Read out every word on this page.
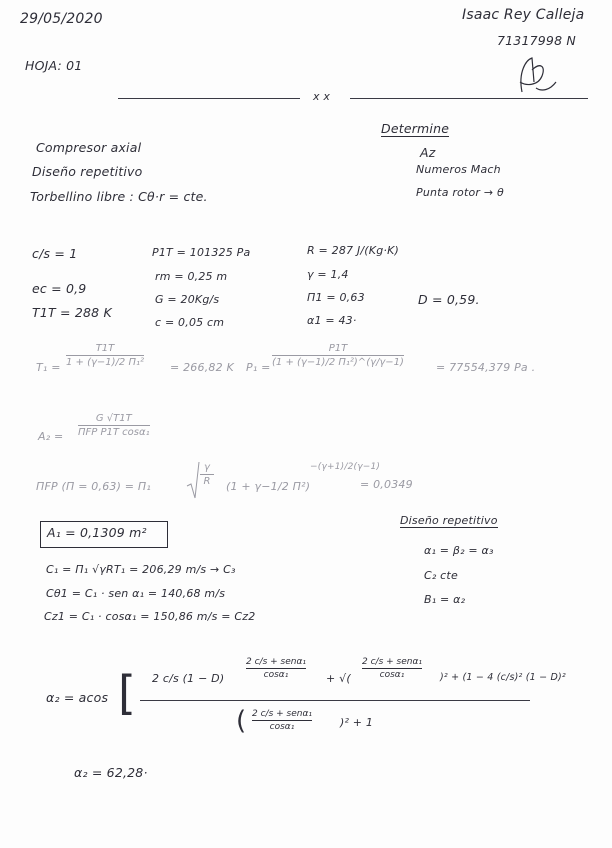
29/05/2020
HOJA: 01
Isaac Rey Calleja
71317998 N
x x
Compresor axial
Diseño repetitivo
Torbellino libre : Cθ·r = cte.
Determine
Az
Numeros Mach
Punta rotor → θ
c/s = 1
ec = 0,9
T1T = 288 K
P1T = 101325 Pa
rm = 0,25 m
G = 20Kg/s
c = 0,05 cm
R = 287 J/(Kg·K)
γ = 1,4
Π1 = 0,63
α1 = 43·
D = 0,59.
T₁ =
T1T
1 + (γ−1)/2 Π₁² = 266,82 K P₁ =
P1T
(1 + (γ−1)/2 Π₁²)^(γ/γ−1)	= 77554,379 Pa .
A₂ =
G √T1T
ΠFP P1T cosα₁
ΠFP (Π = 0,63) = Π₁
γ
R (1 + γ−1/2 Π²)
−(γ+1)/2(γ−1)
= 0,0349
A₁ = 0,1309 m²
Diseño repetitivo
α₁ = β₂ = α₃
C₂ cte
B₁ = α₂
C₁ = Π₁ √γRT₁ = 206,29 m/s → C₃
Cθ1 = C₁ · sen α₁ = 140,68 m/s
Cz1 = C₁ · cosα₁ = 150,86 m/s = Cz2
α₂ = acos [ 2 c/s (1 − D)
2 c/s + senα₁
cosα₁	+ √(
2 c/s + senα₁
cosα₁	)² + (1 − 4 (c/s)² (1 − D)²
( 2 c/s + senα₁
cosα₁	)² + 1
α₂ = 62,28·
